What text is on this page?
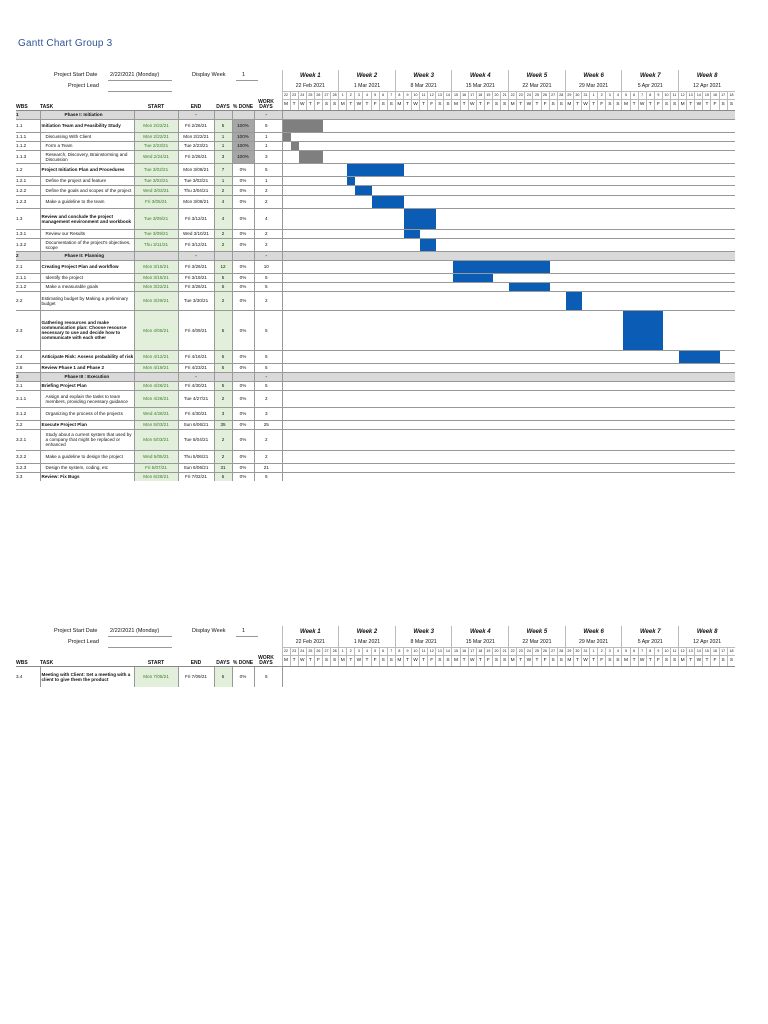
Gantt Chart Group 3
Project Start Date 2/22/2021 (Monday)	Display Week	1
Project Lead
								Week 1							Week 2							Week 3							Week 4							Week 5							Week 6							Week 7							Week 8						
								22 Feb 2021							1 Mar 2021							8 Mar 2021							15 Mar 2021							22 Mar 2021							29 Mar 2021							5 Apr 2021							12 Apr 2021						
								22	23	24	25	26	27	28	1	2	3	4	5	6	7	8	9	10	11	12	13	14	15	16	17	18	19	20	21	22	23	24	25	26	27	28	29	30	31	1	2	3	4	5	6	7	8	9	10	11	12	13	14	15	16	17	18
WBS	TASK	START	END	DAYS	% DONE	WORK DAYS		M	T	W	T	F	S	S	M	T	W	T	F	S	S	M	T	W	T	F	S	S	M	T	W	T	F	S	S	M	T	W	T	F	S	S	M	T	W	T	F	S	S	M	T	W	T	F	S	S	M	T	W	T	F	S	S
1	Phase I: Initiation		-			-																																																									
1.1	Initiation Team and Feasibility Study	Mon 2/22/21	Fri 2/26/21	5	100%	5																																																									

1.1.1	Discussing With Client	Mon 2/22/21	Mon 2/22/21	1	100%	1																																																									

1.1.2	Form a Team	Tue 2/23/21	Tue 2/23/21	1	100%	1																																																									

1.1.3	Research, Discovery, Brainstorming and Discussion	Wed 2/24/21	Fri 2/26/21	3	100%	3																																																									

1.2	Project Initiation Plan and Procedures	Tue 3/02/21	Mon 3/08/21	7	0%	5																																																									

1.2.1	Define the project and feature	Tue 3/02/21	Tue 3/02/21	1	0%	1																																																									

1.2.2	Define the goals and scopes of the project	Wed 3/03/21	Thu 3/04/21	2	0%	2																																																									

1.2.3	Make a guideline to the team	Fri 3/05/21	Mon 3/08/21	4	0%	2																																																									

1.3	Review and conclude the project management environment and workbook	Tue 3/09/21	Fri 3/12/21	4	0%	4																																																									

1.3.1	Review our Results	Tue 3/09/21	Wed 3/10/21	2	0%	2																																																									

1.3.2	Documentation of the project's objectives, scope	Thu 3/11/21	Fri 3/12/21	2	0%	2																																																									

2	Phase II: Planning		-			-																																																									
2.1	Creating Project Plan and workflow	Mon 3/15/21	Fri 3/26/21	12	0%	10																																																									

2.1.1	Identify the project	Mon 3/15/21	Fri 3/19/21	5	0%	5																																																									

2.1.2	Make a measurable goals	Mon 3/22/21	Fri 3/26/21	5	0%	5																																																									

2.2	Estimating budget by Making a preliminary budget	Mon 3/29/21	Tue 3/30/21	2	0%	2																																																									

2.3	Gathering resources and make communication plan: Choose resource necessary to use and decide how to communicate with each other	Mon 4/05/21	Fri 4/09/21	5	0%	5																																																									

2.4	Anticipate Risk: Assess probability of risk	Mon 4/12/21	Fri 4/16/21	5	0%	5																																																									

2.5	Review Phase 1 and Phase 2	Mon 4/19/21	Fri 4/23/21	5	0%	5																																																									
3	Phase III : Execution		-			-																																																									
3.1	Briefing Project Plan	Mon 4/26/21	Fri 4/30/21	5	0%	5																																																									
3.1.1	Assign and explain the tasks to team members, providing necessary guidance	Mon 4/26/21	Tue 4/27/21	2	0%	2																																																									
3.1.2	Organizing the process of the projects	Wed 4/28/21	Fri 4/30/21	3	0%	3																																																									
3.2	Execute Project Plan	Mon 5/03/21	Sun 6/06/21	35	0%	25																																																									
3.2.1	Study about a current system that used by a company that might be replaced or enhanced	Mon 5/03/21	Tue 5/04/21	2	0%	2																																																									
3.2.2	Make a guideline to design the project	Wed 5/05/21	Thu 5/06/21	2	0%	2																																																									
3.2.3	Design the system, coding, etc	Fri 5/07/21	Sun 6/06/21	31	0%	21																																																									
3.3	Review: Fix Bugs	Mon 6/28/21	Fri 7/02/21	5	0%	5																																																									
Project Start Date 2/22/2021 (Monday)	Display Week	1
Project Lead
								Week 1							Week 2							Week 3							Week 4							Week 5							Week 6							Week 7							Week 8						
								22 Feb 2021							1 Mar 2021							8 Mar 2021							15 Mar 2021							22 Mar 2021							29 Mar 2021							5 Apr 2021							12 Apr 2021						
								22	23	24	25	26	27	28	1	2	3	4	5	6	7	8	9	10	11	12	13	14	15	16	17	18	19	20	21	22	23	24	25	26	27	28	29	30	31	1	2	3	4	5	6	7	8	9	10	11	12	13	14	15	16	17	18
WBS	TASK	START	END	DAYS	% DONE	WORK DAYS		M	T	W	T	F	S	S	M	T	W	T	F	S	S	M	T	W	T	F	S	S	M	T	W	T	F	S	S	M	T	W	T	F	S	S	M	T	W	T	F	S	S	M	T	W	T	F	S	S	M	T	W	T	F	S	S
3.4	Meeting with Client: Set a meeting with a client to give them the product	Mon 7/05/21	Fri 7/09/21	5	0%	5																																																									
